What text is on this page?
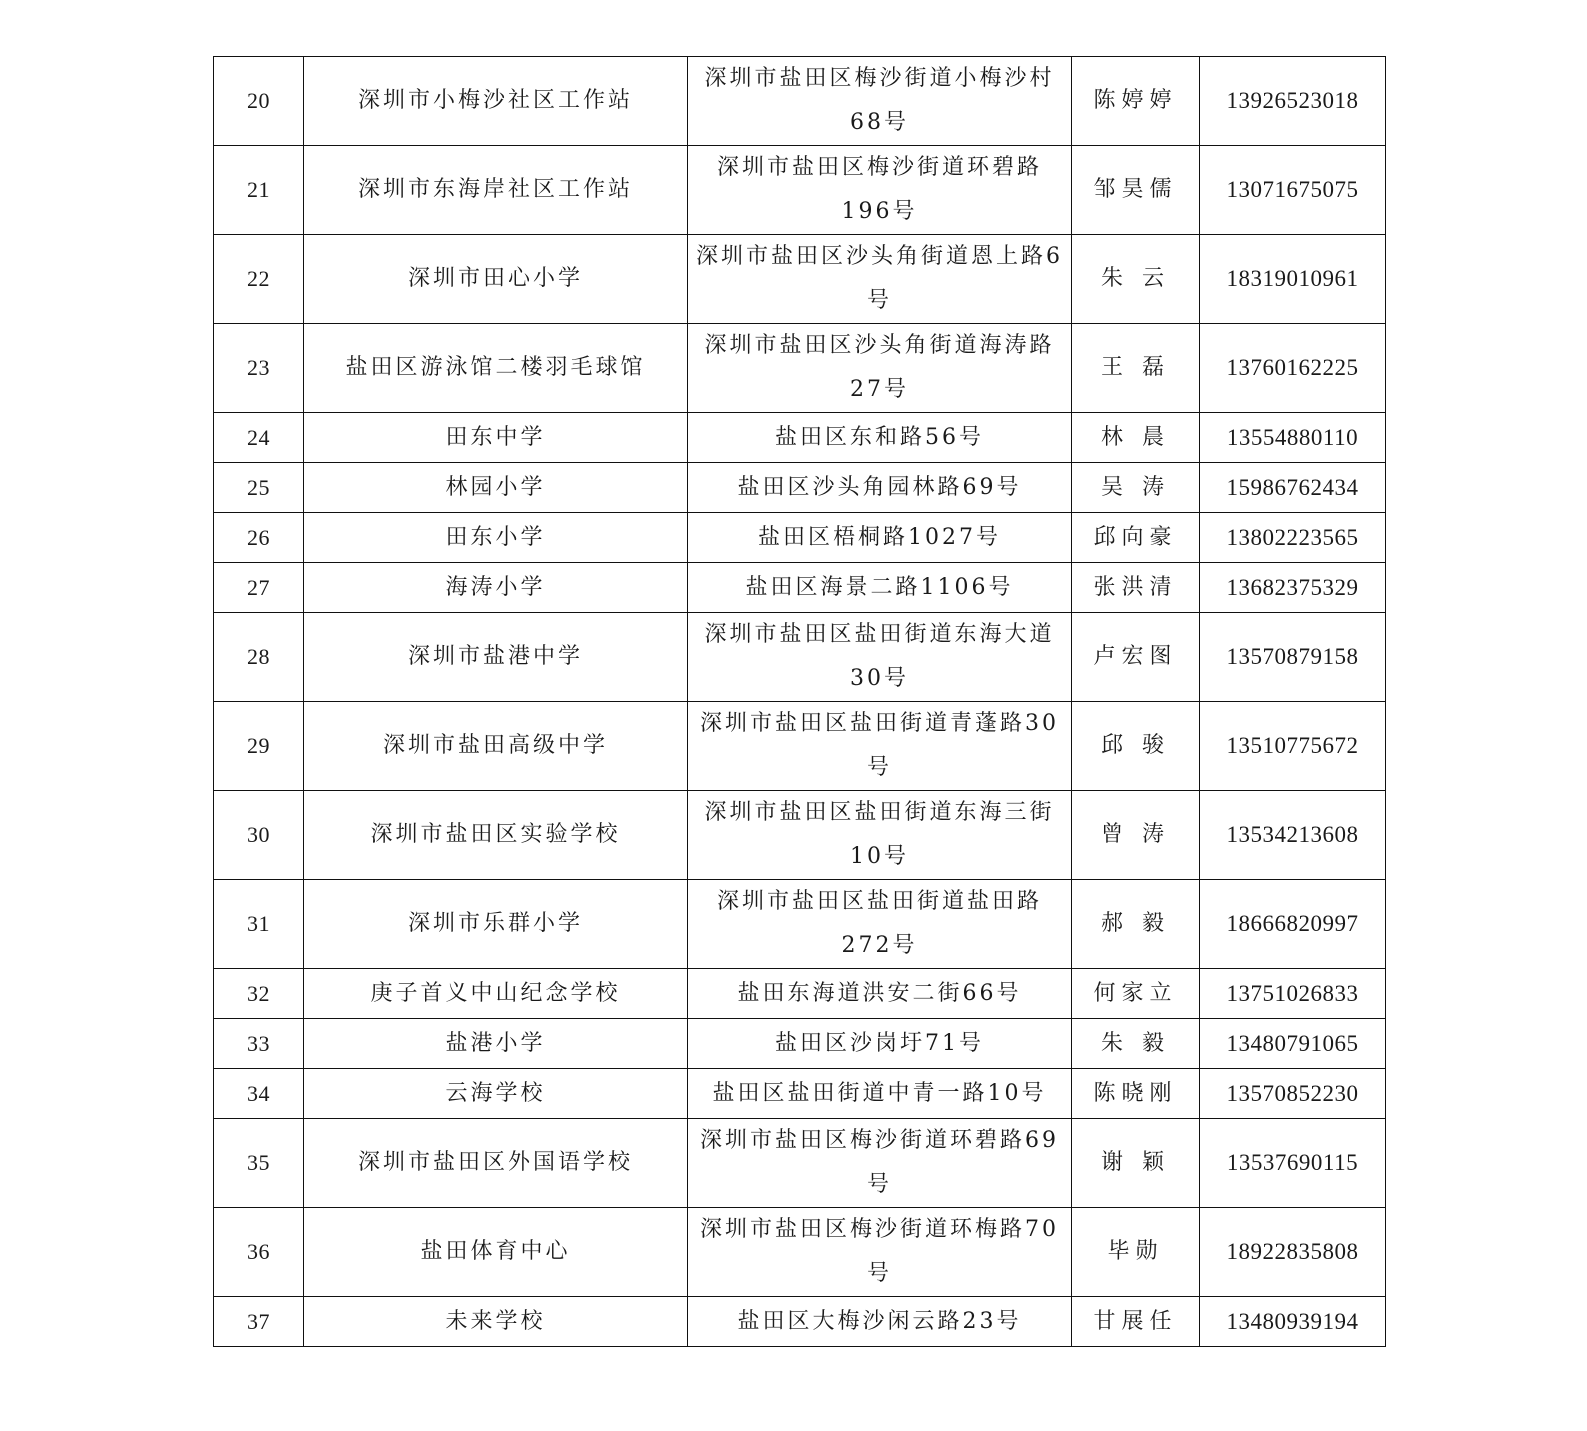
20	深圳市小梅沙社区工作站	深圳市盐田区梅沙街道小梅沙村68号	陈婷婷	13926523018
21	深圳市东海岸社区工作站	深圳市盐田区梅沙街道环碧路196号	邹昊儒	13071675075
22	深圳市田心小学	深圳市盐田区沙头角街道恩上路6号	朱 云	18319010961
23	盐田区游泳馆二楼羽毛球馆	深圳市盐田区沙头角街道海涛路27号	王 磊	13760162225
24	田东中学	盐田区东和路56号	林 晨	13554880110
25	林园小学	盐田区沙头角园林路69号	吴 涛	15986762434
26	田东小学	盐田区梧桐路1027号	邱向豪	13802223565
27	海涛小学	盐田区海景二路1106号	张洪清	13682375329
28	深圳市盐港中学	深圳市盐田区盐田街道东海大道30号	卢宏图	13570879158
29	深圳市盐田高级中学	深圳市盐田区盐田街道青蓬路30号	邱 骏	13510775672
30	深圳市盐田区实验学校	深圳市盐田区盐田街道东海三街10号	曾 涛	13534213608
31	深圳市乐群小学	深圳市盐田区盐田街道盐田路272号	郝 毅	18666820997
32	庚子首义中山纪念学校	盐田东海道洪安二街66号	何家立	13751026833
33	盐港小学	盐田区沙岗圩71号	朱 毅	13480791065
34	云海学校	盐田区盐田街道中青一路10号	陈晓刚	13570852230
35	深圳市盐田区外国语学校	深圳市盐田区梅沙街道环碧路69号	谢 颖	13537690115
36	盐田体育中心	深圳市盐田区梅沙街道环梅路70号	毕勋	18922835808
37	未来学校	盐田区大梅沙闲云路23号	甘展任	13480939194
